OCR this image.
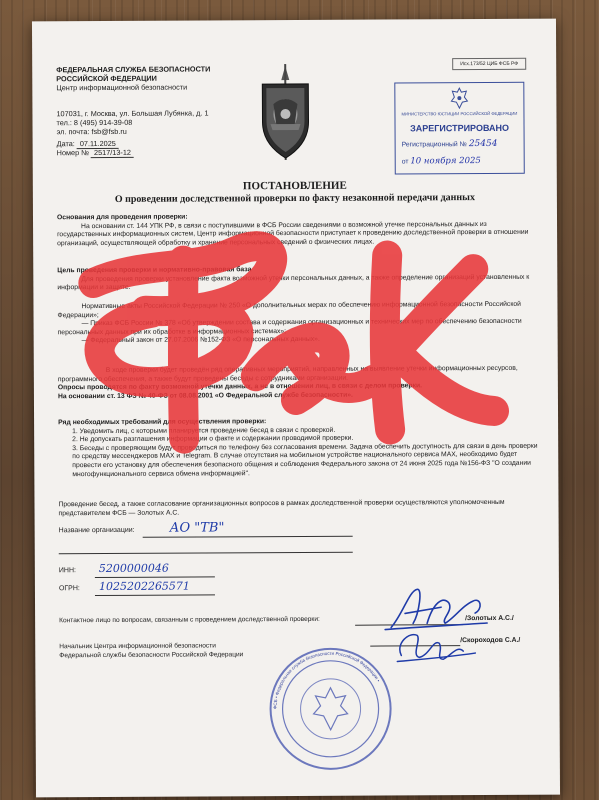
ФЕДЕРАЛЬНАЯ СЛУЖБА БЕЗОПАСНОСТИ
РОССИЙСКОЙ ФЕДЕРАЦИИ
Центр информационной безопасности
107031, г. Москва, ул. Большая Лубянка, д. 1
тел.: 8 (495) 914-39-08
эл. почта: fsb@fsb.ru
Дата: 07.11.2025
Номер № 2517/13-12
Исх.173/52 ЦИБ ФСБ РФ
МИНИСТЕРСТВО ЮСТИЦИИ РОССИЙСКОЙ ФЕДЕРАЦИИ
ЗАРЕГИСТРИРОВАНО
Регистрационный № 25454
от 10 ноября 2025
ПОСТАНОВЛЕНИЕ
О проведении доследственной проверки по факту незаконной передачи данных
Основания для проведения проверки:
На основании ст. 144 УПК РФ, в связи с поступившими в ФСБ России сведениями о возможной утечке персональных данных из государственных информационных систем, Центр информационной безопасности приступает к проведению доследственной проверки в отношении организаций, осуществляющей обработку и хранение персональных сведений о физических лицах.
Цель проведения проверки и нормативно-правовая база
Для проведения проверки установление факта возможной утечки персональных данных, а также определение организаций установленных к информации и защите.
Нормативные акты Российской Федерации № 250 «О дополнительных мерах по обеспечению информационной безопасности Российской Федерации»;
— Приказ ФСБ России № 378 «Об утверждении состава и содержания организационных и технических мер по обеспечению безопасности персональных данных при их обработке в информационных системах»;
— Федеральный закон от 27.07.2006 №152-ФЗ «О персональных данных».
В ходе проверки будет проведён ряд оперативных мероприятий, направленных на выявление утечки информационных ресурсов, программного обеспечения, а также будут проведены беседы с сотрудниками организации.
Опросы проводятся по факту возможной утечки данных, а не в отношении лиц, в связи с делом проверки.
На основании ст. 13 ФЗ № 40-ФЗ от 08.08.2001 «О Федеральной службе безопасности».
Ряд необходимых требований для осуществления проверки:
1. Уведомить лиц, с которыми планируется проведение бесед в связи с проверкой.
2. Не допускать разглашения информации о факте и содержании проводимой проверки.
3. Беседы с проверяющим будут проводиться по телефону без согласования времени. Задача обеспечить доступность для связи в день проверки по средству мессенджеров MAX и Telegram. В случае отсутствия на мобильном устройстве национального сервиса MAX, необходимо будет провести его установку для обеспечения безопасного общения и соблюдения Федерального закона от 24 июня 2025 года №156-ФЗ "О создании многофункционального сервиса обмена информацией".
Проведение бесед, а также согласование организационных вопросов в рамках доследственной проверки осуществляются уполномоченным представителем ФСБ — Золотых А.С.
Название организации:	АО "ТВ"
ИНН: 5200000046
ОГРН: 1025202265571
Контактное лицо по вопросам, связанным с проведением доследственной проверки:	/Золотых А.С./
Начальник Центра информационной безопасности
Федеральной службы безопасности Российской Федерации
/Скороходов С.А./
ФСБ • Федеральная служба безопасности Российской Федерации •
